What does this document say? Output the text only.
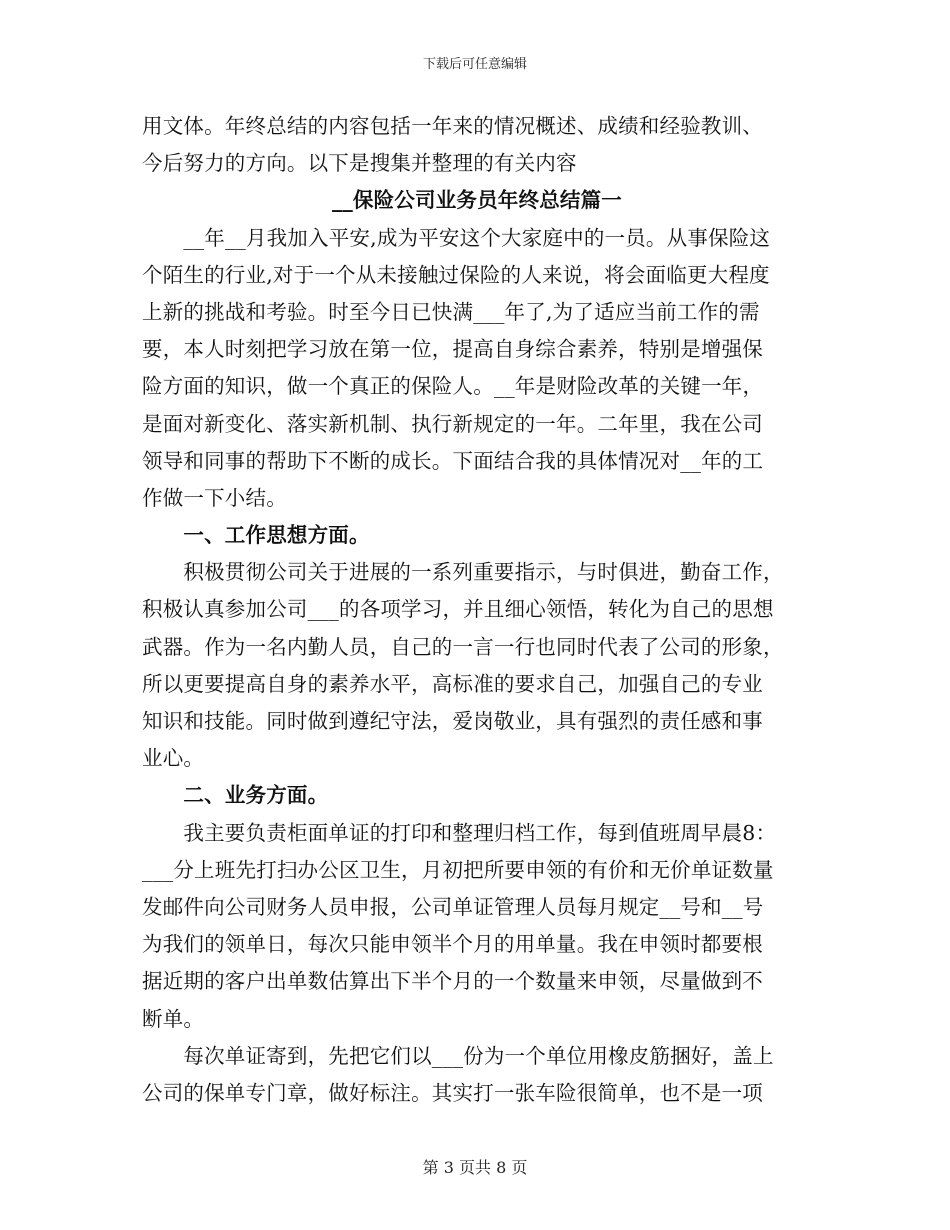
下载后可任意编辑
用文体。年终总结的内容包括一年来的情况概述、成绩和经验教训、
今后努力的方向。以下是搜集并整理的有关内容
__保险公司业务员年终总结篇一
　　__年__月我加入平安,成为平安这个大家庭中的一员。从事保险这
个陌生的行业,对于一个从未接触过保险的人来说，将会面临更大程度
上新的挑战和考验。时至今日已快满___年了,为了适应当前工作的需
要，本人时刻把学习放在第一位，提高自身综合素养，特别是增强保
险方面的知识，做一个真正的保险人。__年是财险改革的关键一年，
是面对新变化、落实新机制、执行新规定的一年。二年里，我在公司
领导和同事的帮助下不断的成长。下面结合我的具体情况对__年的工
作做一下小结。
　　一、工作思想方面。
　　积极贯彻公司关于进展的一系列重要指示，与时俱进，勤奋工作，
积极认真参加公司___的各项学习，并且细心领悟，转化为自己的思想
武器。作为一名内勤人员，自己的一言一行也同时代表了公司的形象，
所以更要提高自身的素养水平，高标准的要求自己，加强自己的专业
知识和技能。同时做到遵纪守法，爱岗敬业，具有强烈的责任感和事
业心。
　　二、业务方面。
　　我主要负责柜面单证的打印和整理归档工作，每到值班周早晨8：
___分上班先打扫办公区卫生，月初把所要申领的有价和无价单证数量
发邮件向公司财务人员申报，公司单证管理人员每月规定__号和__号
为我们的领单日，每次只能申领半个月的用单量。我在申领时都要根
据近期的客户出单数估算出下半个月的一个数量来申领，尽量做到不
断单。
　　每次单证寄到，先把它们以___份为一个单位用橡皮筋捆好，盖上
公司的保单专门章，做好标注。其实打一张车险很简单，也不是一项
第 3 页共 8 页
